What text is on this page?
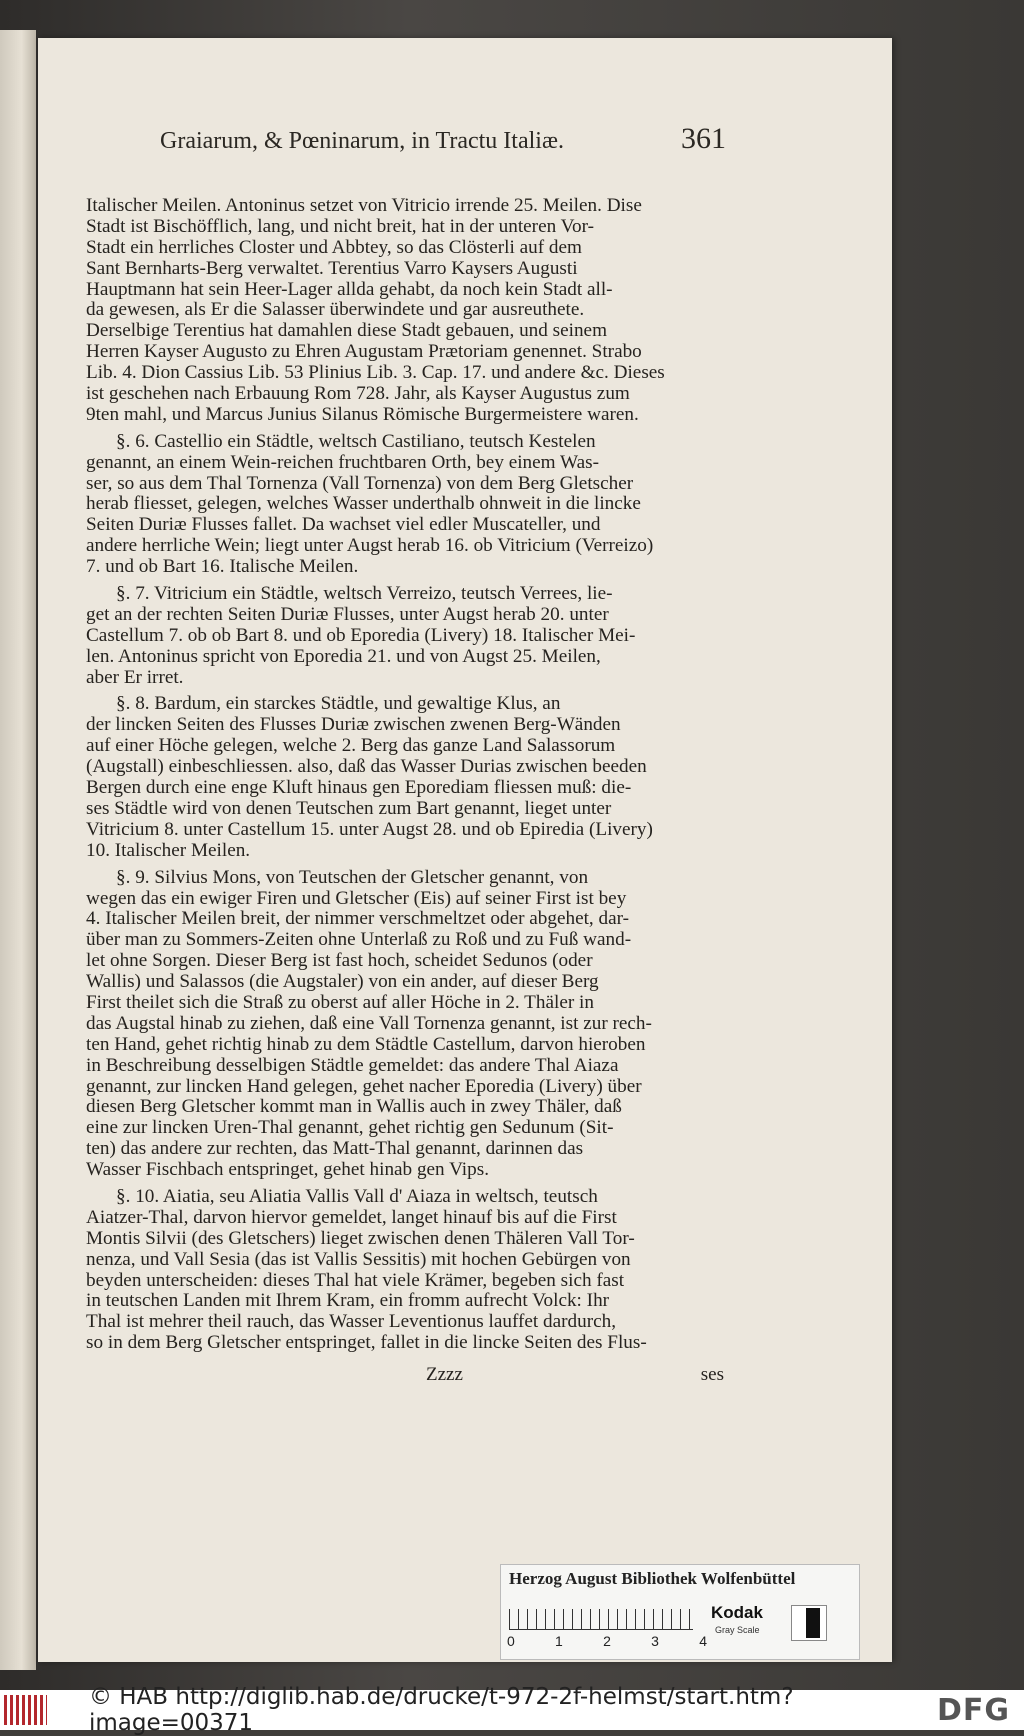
Graiarum, & Pœninarum, in Tractu Italiæ.	361
Italischer Meilen. Antoninus setzet von Vitricio irrende 25. Meilen. Dise
Stadt ist Bischöfflich, lang, und nicht breit, hat in der unteren Vor-
Stadt ein herrliches Closter und Abbtey, so das Clösterli auf dem
Sant Bernharts-Berg verwaltet. Terentius Varro Kaysers Augusti
Hauptmann hat sein Heer-Lager allda gehabt, da noch kein Stadt all-
da gewesen, als Er die Salasser überwindete und gar ausreuthete.
Derselbige Terentius hat damahlen diese Stadt gebauen, und seinem
Herren Kayser Augusto zu Ehren Augustam Prætoriam genennet. Strabo
Lib. 4. Dion Cassius Lib. 53 Plinius Lib. 3. Cap. 17. und andere &c. Dieses
ist geschehen nach Erbauung Rom 728. Jahr, als Kayser Augustus zum
9ten mahl, und Marcus Junius Silanus Römische Burgermeistere waren.
§. 6. Castellio ein Städtle, weltsch Castiliano, teutsch Kestelen
genannt, an einem Wein-reichen fruchtbaren Orth, bey einem Was-
ser, so aus dem Thal Tornenza (Vall Tornenza) von dem Berg Gletscher
herab fliesset, gelegen, welches Wasser underthalb ohnweit in die lincke
Seiten Duriæ Flusses fallet. Da wachset viel edler Muscateller, und
andere herrliche Wein; liegt unter Augst herab 16. ob Vitricium (Verreizo)
7. und ob Bart 16. Italische Meilen.
§. 7. Vitricium ein Städtle, weltsch Verreizo, teutsch Verrees, lie-
get an der rechten Seiten Duriæ Flusses, unter Augst herab 20. unter
Castellum 7. ob ob Bart 8. und ob Eporedia (Livery) 18. Italischer Mei-
len. Antoninus spricht von Eporedia 21. und von Augst 25. Meilen,
aber Er irret.
§. 8. Bardum, ein starckes Städtle, und gewaltige Klus, an
der lincken Seiten des Flusses Duriæ zwischen zwenen Berg-Wänden
auf einer Höche gelegen, welche 2. Berg das ganze Land Salassorum
(Augstall) einbeschliessen. also, daß das Wasser Durias zwischen beeden
Bergen durch eine enge Kluft hinaus gen Eporediam fliessen muß: die-
ses Städtle wird von denen Teutschen zum Bart genannt, lieget unter
Vitricium 8. unter Castellum 15. unter Augst 28. und ob Epiredia (Livery)
10. Italischer Meilen.
§. 9. Silvius Mons, von Teutschen der Gletscher genannt, von
wegen das ein ewiger Firen und Gletscher (Eis) auf seiner First ist bey
4. Italischer Meilen breit, der nimmer verschmeltzet oder abgehet, dar-
über man zu Sommers-Zeiten ohne Unterlaß zu Roß und zu Fuß wand-
let ohne Sorgen. Dieser Berg ist fast hoch, scheidet Sedunos (oder
Wallis) und Salassos (die Augstaler) von ein ander, auf dieser Berg
First theilet sich die Straß zu oberst auf aller Höche in 2. Thäler in
das Augstal hinab zu ziehen, daß eine Vall Tornenza genannt, ist zur rech-
ten Hand, gehet richtig hinab zu dem Städtle Castellum, darvon hieroben
in Beschreibung desselbigen Städtle gemeldet: das andere Thal Aiaza
genannt, zur lincken Hand gelegen, gehet nacher Eporedia (Livery) über
diesen Berg Gletscher kommt man in Wallis auch in zwey Thäler, daß
eine zur lincken Uren-Thal genannt, gehet richtig gen Sedunum (Sit-
ten) das andere zur rechten, das Matt-Thal genannt, darinnen das
Wasser Fischbach entspringet, gehet hinab gen Vips.
§. 10. Aiatia, seu Aliatia Vallis Vall d' Aiaza in weltsch, teutsch
Aiatzer-Thal, darvon hiervor gemeldet, langet hinauf bis auf die First
Montis Silvii (des Gletschers) lieget zwischen denen Thäleren Vall Tor-
nenza, und Vall Sesia (das ist Vallis Sessitis) mit hochen Gebürgen von
beyden unterscheiden: dieses Thal hat viele Krämer, begeben sich fast
in teutschen Landen mit Ihrem Kram, ein fromm aufrecht Volck: Ihr
Thal ist mehrer theil rauch, das Wasser Leventionus lauffet dardurch,
so in dem Berg Gletscher entspringet, fallet in die lincke Seiten des Flus-
Zzzz	ses
Herzog August Bibliothek Wolfenbüttel
0	1	2	3	4
Kodak
Gray Scale
© HAB http://diglib.hab.de/drucke/t-972-2f-helmst/start.htm?image=00371	DFG
